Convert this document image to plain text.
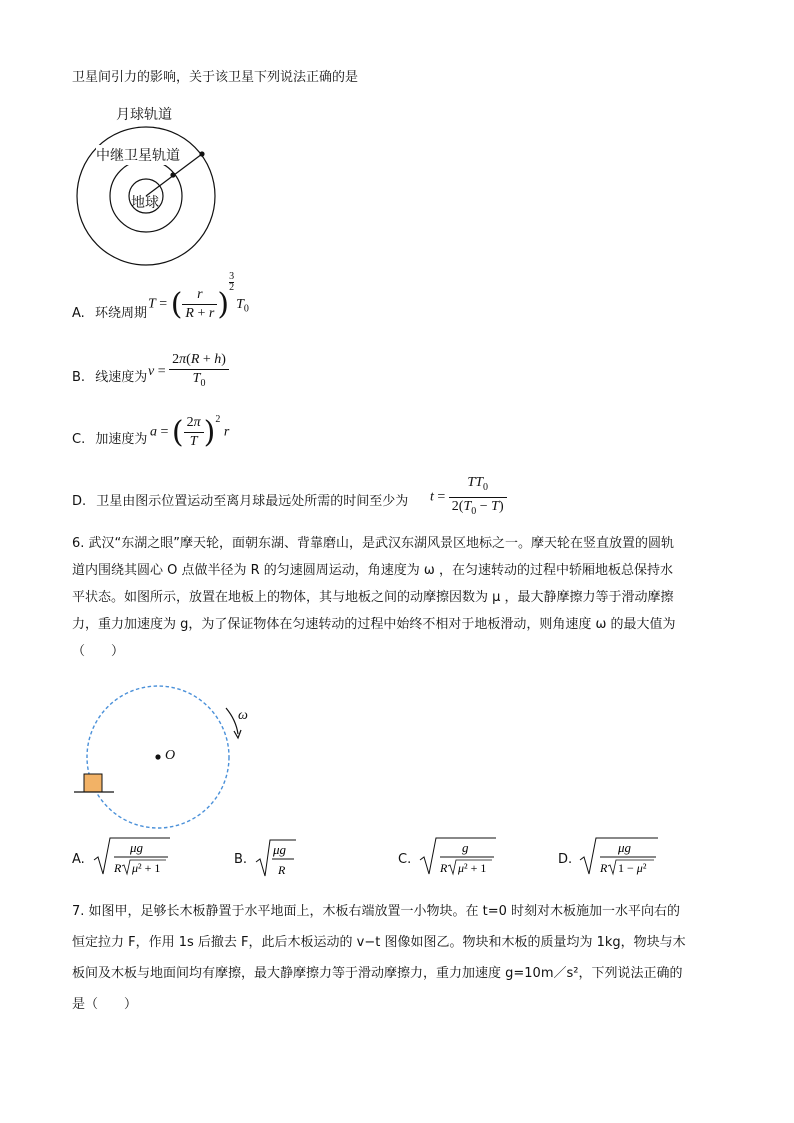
卫星间引力的影响，关于该卫星下列说法正确的是
月球轨道
中继卫星轨道
地球
A. 环绕周期
T = ( $\frac{r}{R + r}$ )
$\frac{3}{2}$
$T_0$
B. 线速度为 $v = \frac{2\pi(R + h)}{T_0}$
C. 加速度为 a = ( $\frac{2\pi}{T} )^2$ r
D. 卫星由图示位置运动至离月球最远处所需的时间至少为 $t = \frac{TT_0}{2(T_0 - T)}$
6. 武汉“东湖之眼”摩天轮，面朝东湖、背靠磨山，是武汉东湖风景区地标之一。摩天轮在竖直放置的圆轨
道内围绕其圆心 O 点做半径为 R 的匀速圆周运动，角速度为 ω ，在匀速转动的过程中轿厢地板总保持水
平状态。如图所示，放置在地板上的物体，其与地板之间的动摩擦因数为 μ ，最大静摩擦力等于滑动摩擦
力，重力加速度为 g，为了保证物体在匀速转动的过程中始终不相对于地板滑动，则角速度 ω 的最大值为
（　　）
O
ω
A.
μg
R μ² + 1
B.
μg
R
C.
g
R μ² + 1
D.
μg
R 1 − μ²
7. 如图甲，足够长木板静置于水平地面上，木板右端放置一小物块。在 t=0 时刻对木板施加一水平向右的
恒定拉力 F，作用 1s 后撤去 F，此后木板运动的 v−t 图像如图乙。物块和木板的质量均为 1kg，物块与木
板间及木板与地面间均有摩擦，最大静摩擦力等于滑动摩擦力，重力加速度 g=10m／s²，下列说法正确的
是（　　）
